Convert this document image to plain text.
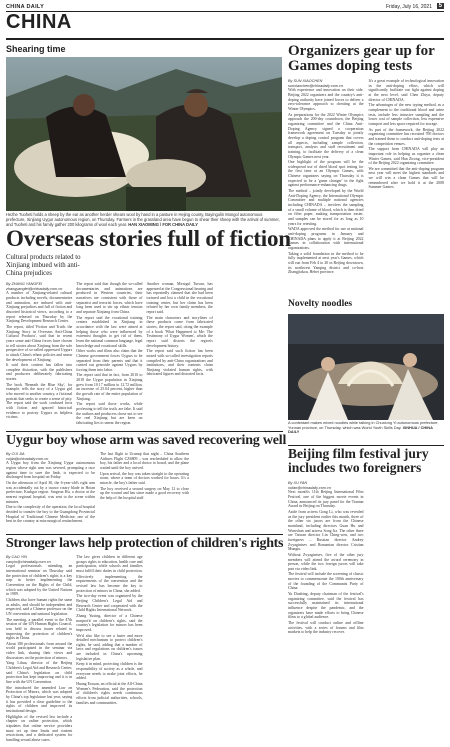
CHINA DAILY	Friday, July 16, 2021	5
CHINA
Shearing time
Hezhe Tuoheti holds a sheep by the ear as another herder shears wool by hand in a pasture in Hejing county, Bayingolin Mongol autonomous prefecture, Xinjiang Uygur autonomous region, on Thursday. Farmers in the grassland area have begun to shear their sheep with the arrival of summer, and Tuoheti and his family gather 200 kilograms of wool each year. HAN XIAOMING / FOR CHINA DAILY
Organizers gear up for Games doping tests
By SUN XIAOCHEN
sunxiaochen@chinadaily.com.cn

With experience and innovation on their side, Beijing 2022 organizers and the country's anti-doping authority have joined forces to deliver a zero-tolerance approach to cheating at the Winter Olympics.

As preparations for the 2022 Winter Olympics approach the 200-day countdown, the Beijing organizing committee and the China Anti-Doping Agency signed a cooperation framework agreement on Tuesday to jointly develop a doping control program that covers all aspects, including sample collection, transport, analysis and staff recruitment and training, to facilitate the delivery of a clean Olympic Games next year.

One highlight of the program will be the widespread use of dried blood spot testing for the first time at an Olympic Games, with Chinese organizers saying on Thursday it is expected to be a 'game changer' in the fight against performance-enhancing drugs.

The method – jointly developed by the World Anti-Doping Agency, the International Olympic Committee and multiple national agencies including CHINADA – involves the sampling of a small volume of blood, which is then dried on filter paper, making transportation easier, and samples can be stored for as long as 10 years for retesting.

WADA approved the method for use at national anti-doping programs in January and CHINADA plans to apply it at Beijing 2022 Games in collaboration with international organizations.

Taking a solid foundation in the method to be fully implemented at next year's Games, which will run from Feb 4 to 20 in Beijing downtown, its northwest Yanqing district and co-host Zhangjiakou, Hebei province.

It's a great example of technological innovation in the anti-doping effort, which will significantly facilitate our fight against doping at the next level, said Chen Zhiyu, deputy director of CHINADA.

The advantages of the new typing method, as a complement to the traditional blood and urine tests, include less intrusive sampling and the lower cost of sample collection, less expensive transport and less space required for storage.

As part of the framework, the Beijing 2022 organizing committee has recruited 700 doctors and trained them to conduct anti-doping tests at the competition venues.

The support from CHINADA will play an important role in helping us organize a clean Winter Games, said Han Zirong, vice-president of the Beijing 2022 organizing committee.

We are committed that the anti-doping program next year will meet the highest standards and we will win a clean Games that will be remembered after we hold it at the 2008 Summer Games.

Novelty noodles
A contestant makes mixed noodles while talking in Chuxiong Yi autonomous prefecture, Yunnan province, on Thursday, which was World Youth Skills Day. XINHUA / CHINA DAILY
Overseas stories full of fiction
Cultural products related to Xinjiang imbued with anti-China prejudices
By ZHANG YANGFEI
zhangyangfei@chinadaily.com.cn

A number of Xinjiang-related cultural products including novels, documentaries and animation, are imbued with anti-Xinjiang prejudices and full of fiction and distorted historical views, according to a report released on Thursday by the Xinjiang Development Research Center.

The report, titled 'Fiction and Truth: the Xinjiang Story in Overseas Anti-China Cultural Products', said that in recent years some anti-China forces have chosen to tell stories about Xinjiang from the sole perspective of so-called oppressed Uygurs to attack China's ethnic policies and smear the development of Xinjiang.

It said their content has fallen into complete distortion, with the publishers and producers deliberately fabricating stories.

The book 'Beneath the Blue Sky', for example, tells the story of a Uygur girl who moved to another country, a fictional portrait that seeks to create a sense of pity. The report said the work confused facts with fiction and ignored historical evidence to portray Uygurs as helpless victims.

The report said that though the so-called documentaries and animations are produced in Western countries, their narratives are consistent with those of separatist and terrorist forces, which have long been used to stir up ethnic tension and separate Xinjiang from China.

The report said the vocational training centers established in Xinjiang in accordance with the law were aimed at helping those who were influenced by extremist thoughts to get rid of them, learn the national common language, legal knowledge and vocational skills.

Other works and films also claim that the Chinese government forces Uygurs to be separated from their parents and that it carried out genocide against Uygurs by forcing them into labor.

The report said that in fact, from 2010 to 2018 the Uygur population in Xinjiang grew from 10.17 million to 12.72 million, an increase of 25.04 percent, higher than the growth rate of the entire population of Xinjiang.

The report said those works, while professing to tell the truth, are fake. It said the authors and producers chose not to see the real Xinjiang but are keen on fabricating lies to smear the region.

Another woman, Mirsigul Tursun, has appeared at the Congressional hearing and has repeatedly claimed that she had been tortured and lost a child in the vocational training center, but her claim has been refuted by her own family members, the report said.

The main characters and storylines of these products come from fabricated stories, the report said, citing the example of a book 'What Happened to Me: The Testimony of Uygur Women', which the report said distorts the region's development history.

The report said such fiction has been mixed with so-called investigation reports compiled by anti-China organizations and institutions, and their contents claim Xinjiang violated human rights, with fabricated figures and distorted facts.

Uygur boy whose arm was saved recovering well
By CUI JIA
cuijia@chinadaily.com.cn

A Uygur boy from the Xinjiang Uygur autonomous region whose right arm was severed, prompting a race against time to save the limb, is expected to be discharged from hospital on Friday.

On the afternoon of April 30, the 6-year-old's right arm was accidentally cut by a tractor rotary blade in Hotan prefecture, Kashgar region. Surgeon Hu, a doctor at the nearest regional hospital, was sent to the scene within minutes.

Due to the complexity of the operation, the local hospital decided to transfer the boy to the Guangdong Provincial Hospital of Traditional Chinese Medicine, one of the best in the country at microsurgical reattachment.

The last flight to Urumqi that night – China Southern Airlines Flight CZ6809 – was rescheduled to allow the boy, his father and a local doctor to board, and the plane waited until the boy arrived.

Upon arrival, the boy was taken straight to the operating room, where a team of doctors worked for hours. It's a miracle, the boy's father said.

The boy received a second surgery on May 12 to close up the wound and has since made a good recovery with the help of the hospital staff.

Beijing film festival jury includes two foreigners
By XU FAN
xufan@chinadaily.com.cn

Next month's 11th Beijing International Film Festival, one of the biggest movie events in China, announced its jury panel for the Tiantan Award in Beijing on Thursday.

Aside from actress Gong Li, who was revealed as the jury president earlier this month, three of the other six jurors are from the Chinese mainland, including directors Guan Hu and Wuershan and actress Song Jia. The other three are Taiwan director Lin Ching-wen, and two foreigners – Russian director Andrey Zvyagintsev and Romanian director Cristian Mungiu.

Without Zvyagintsev, five of the other jury members will attend the award ceremony in person, while the two foreign jurors will take part via video link.

The festival will include the screening of classic movies to commemorate the 100th anniversary of the founding of the Communist Party of China.

Yu Dunbing, deputy chairman of the festival's organizing committee, said the festival has successfully maintained its international influence despite the pandemic, and the organizers have made efforts to bring Chinese films to a global audience.

The festival will conduct online and offline activities, with a series of forums and film markets to help the industry recover.

Stronger laws help protection of children's rights
By CAO YIN
caoyin@chinadaily.com.cn

Legal professionals attending an international seminar on Thursday said the protection of children's rights is a key step in better implementing the Convention on the Rights of the Child, which was adopted by the United Nations in 1989.

Children also have human rights the same as adults, and should be independent and respected, said a Chinese professor on the UN convention and national legislation.

The meeting, a parallel event to the 47th session of the UN Human Rights Council, was held to discuss issues related to improving the protection of children's rights in China.

About 180 professionals from around the world participated in the seminar via video link, sharing their views and discussions on the protection of minors.

Yang Lihua, director of the Beijing Children's Legal Aid and Research Center, said China's legislation on child protection has kept improving and it is in line with the UN Convention.

She introduced the amended Law on Protection of Minors, which was adopted by China's top legislature last year, saying it has provided a clear guideline to the rights of children and improved its institutional design.

Highlights of the revised law include a chapter on online protection, which stipulates that online service providers must set up time limits and content restrictions, and a dedicated system for handling sexual abuse cases.

The law gives children in different age groups rights to education, health care and participation, while schools and families must fulfill their duties in child protection.

Effectively implementing the requirements of the convention and the revised law has become the key to protection of minors in China, she added.

The two-day event was organized by the Beijing Children's Legal Aid and Research Center and cooperated with the Child Rights International Network.

Zhang Yuxing, director of a Chinese nonprofit on children's rights, said the country's legislation for minors has been improved.

We'd also like to see a faster and more detailed mechanism to protect children's rights, he said, adding that a number of laws and regulations on children's issues are included in China's upcoming legislative plan.

Keep it in mind, protecting children is the responsibility of society as a whole, and everyone needs to make joint efforts, he added.

Huang Erxuan, an official at the All-China Women's Federation, said the protection of children's rights needs continuous efforts from judicial authorities, schools, families and communities.
